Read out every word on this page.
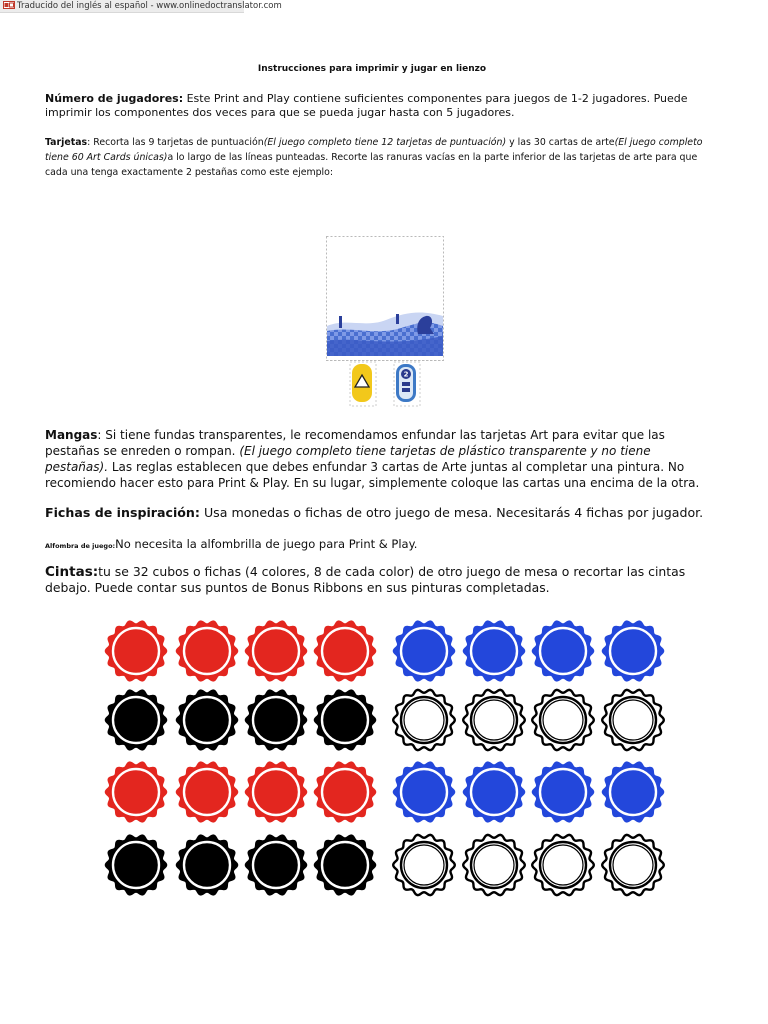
Traducido del inglés al español - www.onlinedoctranslator.com
Instrucciones para imprimir y jugar en lienzo
Número de jugadores: Este Print and Play contiene suficientes componentes para juegos de 1-2 jugadores. Puede imprimir los componentes dos veces para que se pueda jugar hasta con 5 jugadores.
Tarjetas: Recorta las 9 tarjetas de puntuación(El juego completo tiene 12 tarjetas de puntuación) y las 30 cartas de arte(El juego completo tiene 60 Art Cards únicas)a lo largo de las líneas punteadas. Recorte las ranuras vacías en la parte inferior de las tarjetas de arte para que cada una tenga exactamente 2 pestañas como este ejemplo:
2
Mangas: Si tiene fundas transparentes, le recomendamos enfundar las tarjetas Art para evitar que las pestañas se enreden o rompan. (El juego completo tiene tarjetas de plástico transparente y no tiene pestañas). Las reglas establecen que debes enfundar 3 cartas de Arte juntas al completar una pintura. No recomiendo hacer esto para Print & Play. En su lugar, simplemente coloque las cartas una encima de la otra.
Fichas de inspiración: Usa monedas o fichas de otro juego de mesa. Necesitarás 4 fichas por jugador.
Alfombra de juego:No necesita la alfombrilla de juego para Print & Play.
Cintas:tu se 32 cubos o fichas (4 colores, 8 de cada color) de otro juego de mesa o recortar las cintas debajo. Puede contar sus puntos de Bonus Ribbons en sus pinturas completadas.
